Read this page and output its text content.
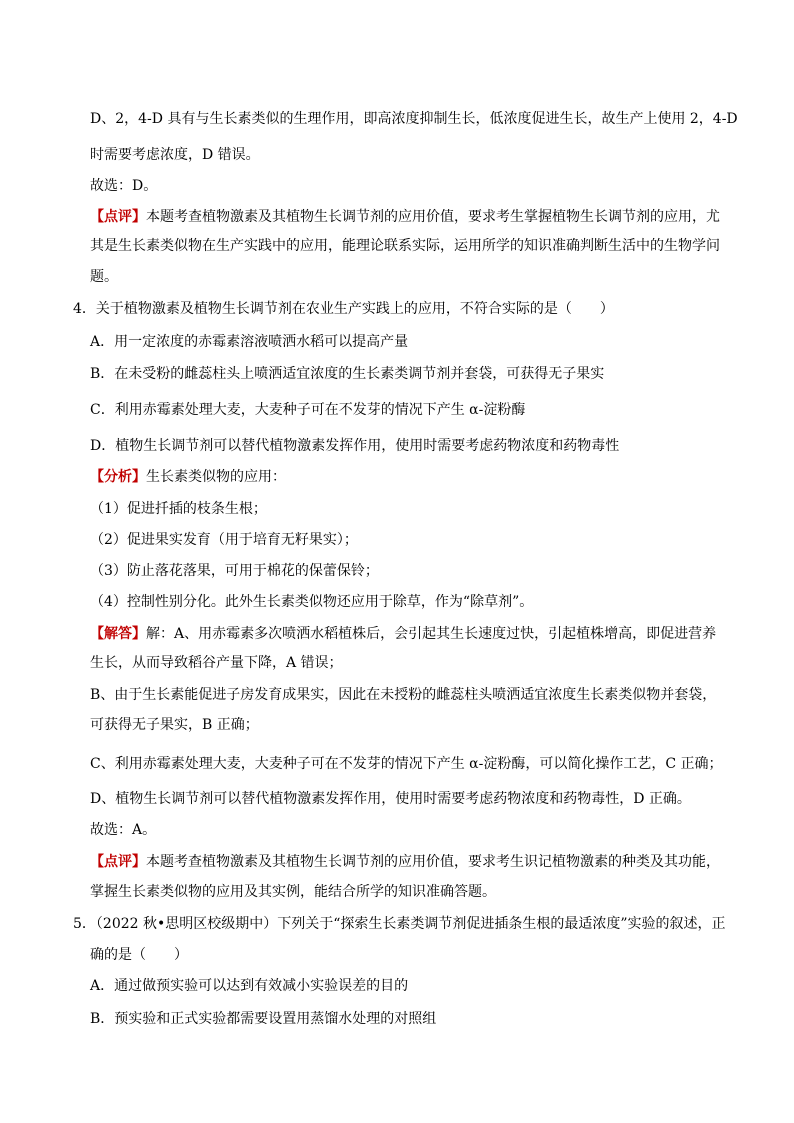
D、2，4-D 具有与生长素类似的生理作用，即高浓度抑制生长，低浓度促进生长，故生产上使用 2，4-D
时需要考虑浓度，D 错误。
故选：D。
【点评】本题考查植物激素及其植物生长调节剂的应用价值，要求考生掌握植物生长调节剂的应用，尤
其是生长素类似物在生产实践中的应用，能理论联系实际，运用所学的知识准确判断生活中的生物学问
题。
4．关于植物激素及植物生长调节剂在农业生产实践上的应用，不符合实际的是（　　）
A．用一定浓度的赤霉素溶液喷洒水稻可以提高产量
B．在未受粉的雌蕊柱头上喷洒适宜浓度的生长素类调节剂并套袋，可获得无子果实
C．利用赤霉素处理大麦，大麦种子可在不发芽的情况下产生 α-淀粉酶
D．植物生长调节剂可以替代植物激素发挥作用，使用时需要考虑药物浓度和药物毒性
【分析】生长素类似物的应用：
（1）促进扦插的枝条生根；
（2）促进果实发育（用于培育无籽果实）；
（3）防止落花落果，可用于棉花的保蕾保铃；
（4）控制性别分化。此外生长素类似物还应用于除草，作为“除草剂”。
【解答】解：A、用赤霉素多次喷洒水稻植株后，会引起其生长速度过快，引起植株增高，即促进营养
生长，从而导致稻谷产量下降，A 错误；
B、由于生长素能促进子房发育成果实，因此在未授粉的雌蕊柱头喷洒适宜浓度生长素类似物并套袋，
可获得无子果实，B 正确；
C、利用赤霉素处理大麦，大麦种子可在不发芽的情况下产生 α-淀粉酶，可以简化操作工艺，C 正确；
D、植物生长调节剂可以替代植物激素发挥作用，使用时需要考虑药物浓度和药物毒性，D 正确。
故选：A。
【点评】本题考查植物激素及其植物生长调节剂的应用价值，要求考生识记植物激素的种类及其功能，
掌握生长素类似物的应用及其实例，能结合所学的知识准确答题。
5．（2022 秋•思明区校级期中）下列关于“探索生长素类调节剂促进插条生根的最适浓度”实验的叙述，正
确的是（　　）
A．通过做预实验可以达到有效减小实验误差的目的
B．预实验和正式实验都需要设置用蒸馏水处理的对照组
